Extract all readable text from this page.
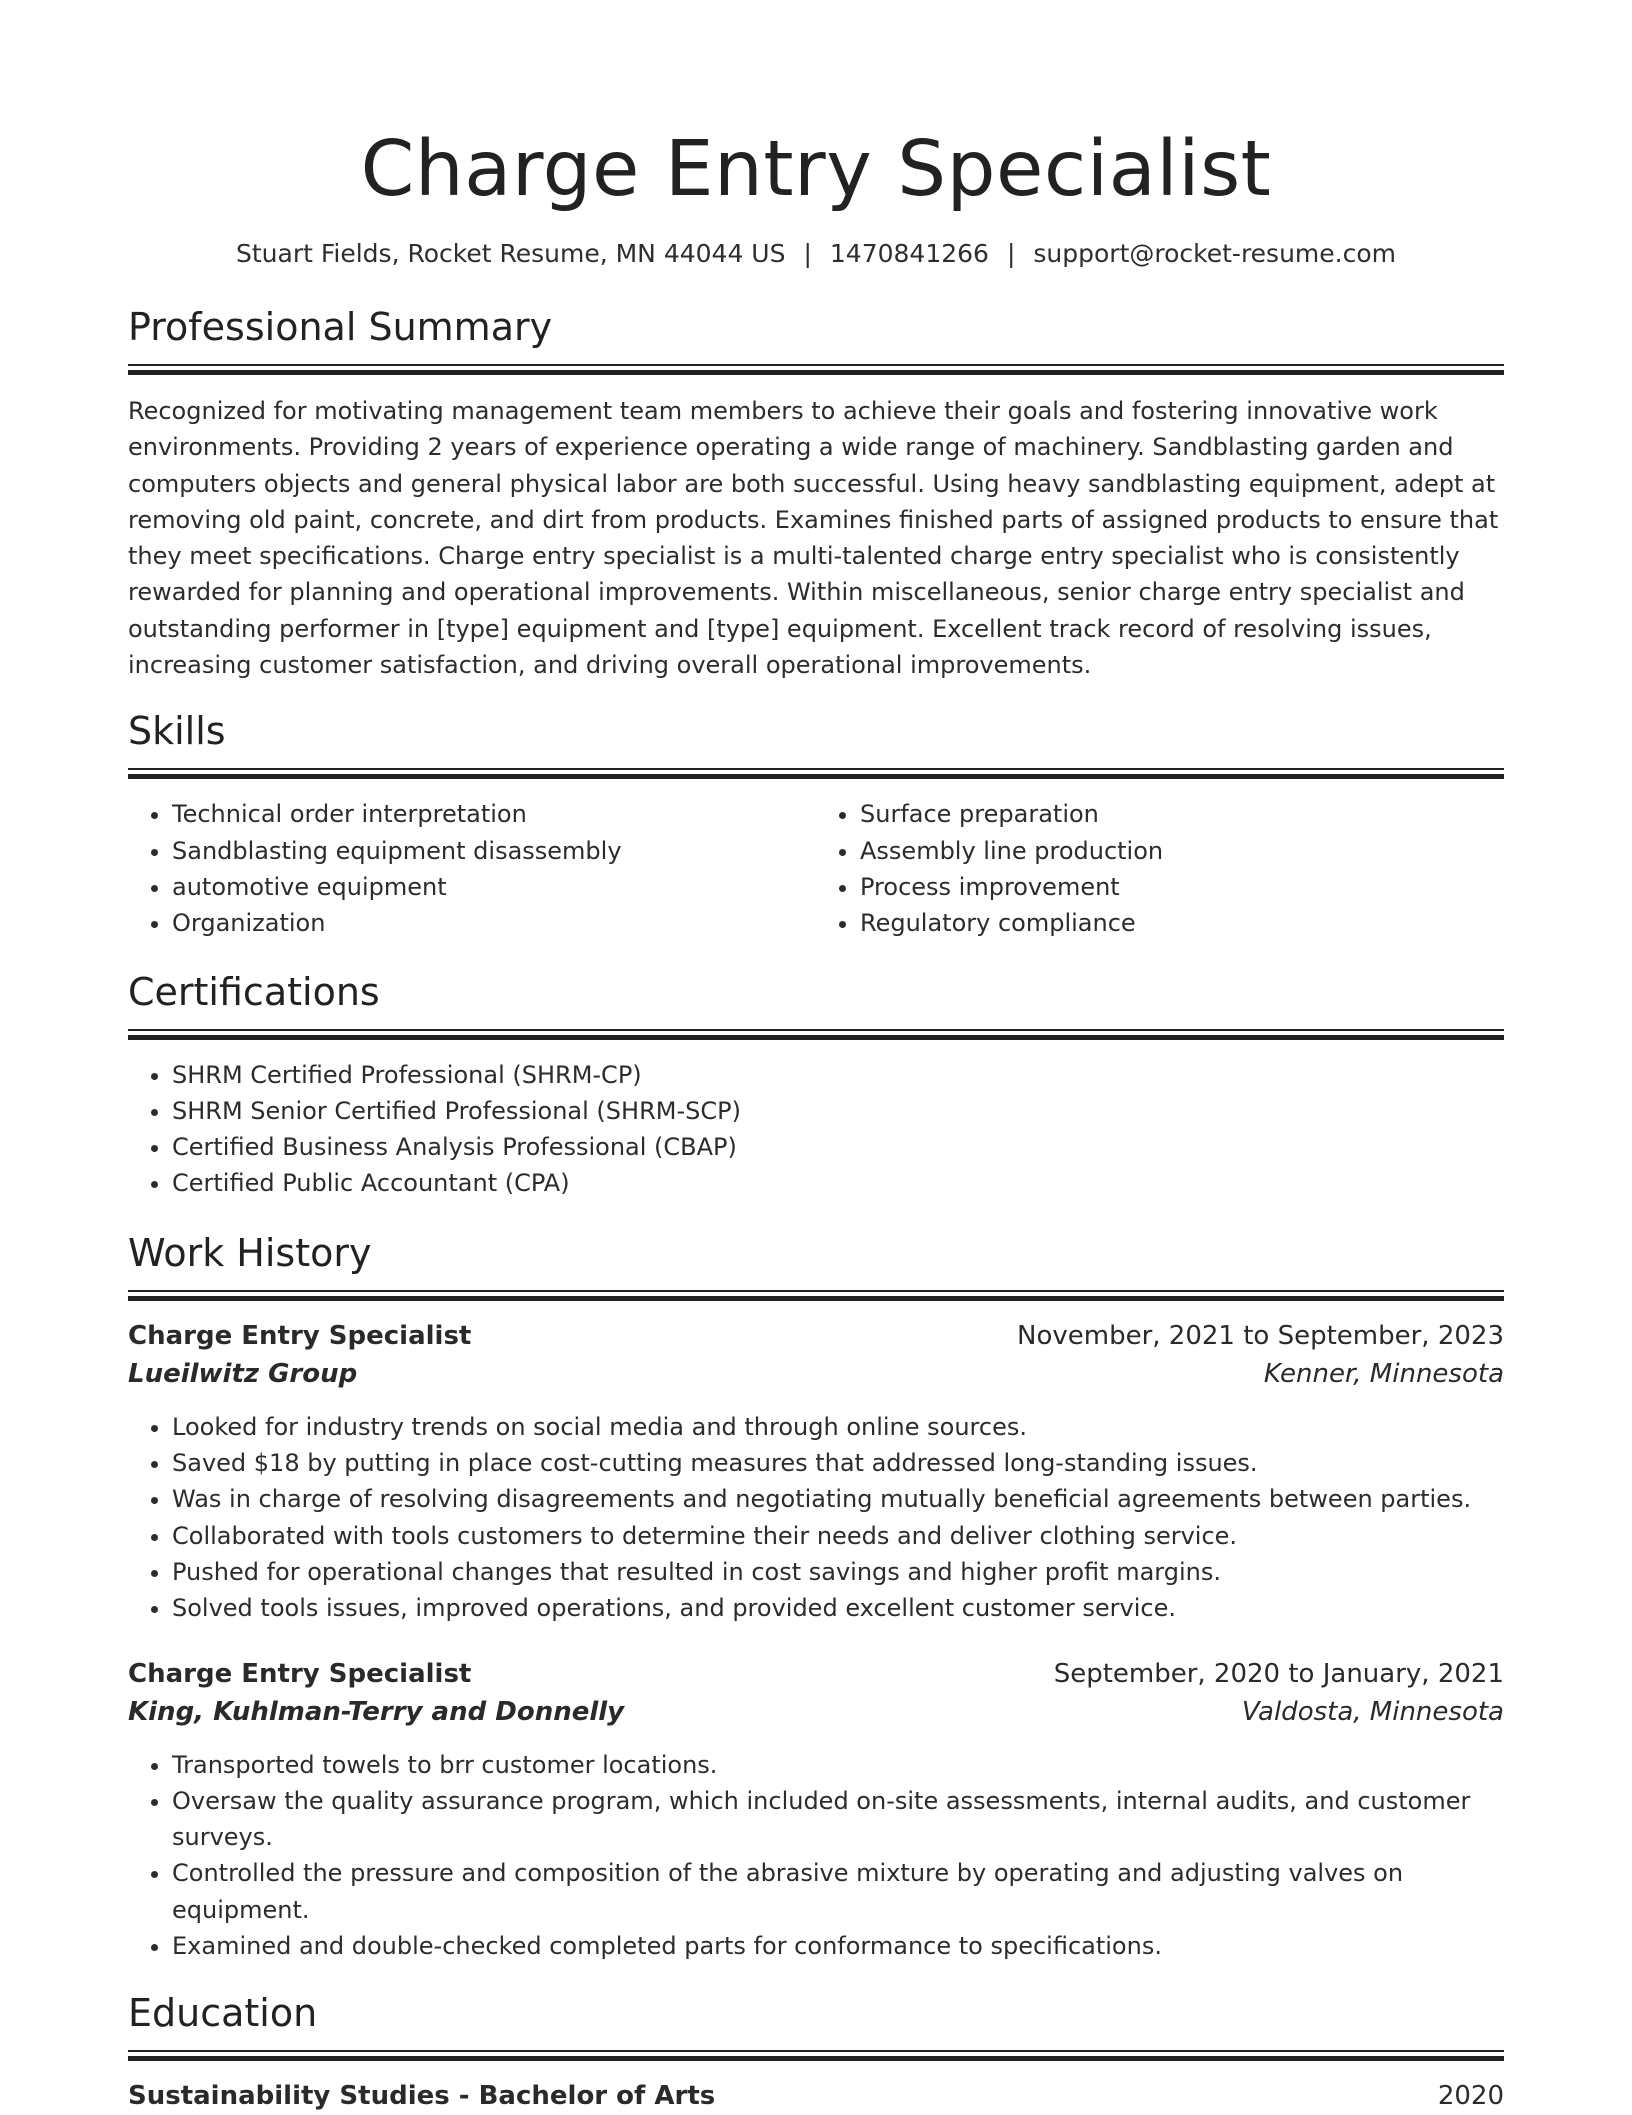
Charge Entry Specialist
Stuart Fields, Rocket Resume, MN 44044 US | 1470841266 | support@rocket-resume.com
Professional Summary

Recognized for motivating management team members to achieve their goals and fostering innovative work environments. Providing 2 years of experience operating a wide range of machinery. Sandblasting garden and computers objects and general physical labor are both successful. Using heavy sandblasting equipment, adept at removing old paint, concrete, and dirt from products. Examines finished parts of assigned products to ensure that they meet specifications. Charge entry specialist is a multi-talented charge entry specialist who is consistently rewarded for planning and operational improvements. Within miscellaneous, senior charge entry specialist and outstanding performer in [type] equipment and [type] equipment. Excellent track record of resolving issues, increasing customer satisfaction, and driving overall operational improvements.

Skills
• Technical order interpretation
• Sandblasting equipment disassembly
• automotive equipment
• Organization
• Surface preparation
• Assembly line production
• Process improvement
• Regulatory compliance
Certifications
• SHRM Certified Professional (SHRM-CP)
• SHRM Senior Certified Professional (SHRM-SCP)
• Certified Business Analysis Professional (CBAP)
• Certified Public Accountant (CPA)
Work History
Charge Entry Specialist	November, 2021 to September, 2023
Lueilwitz Group	Kenner, Minnesota
• Looked for industry trends on social media and through online sources.
• Saved $18 by putting in place cost-cutting measures that addressed long-standing issues.
• Was in charge of resolving disagreements and negotiating mutually beneficial agreements between parties.
• Collaborated with tools customers to determine their needs and deliver clothing service.
• Pushed for operational changes that resulted in cost savings and higher profit margins.
• Solved tools issues, improved operations, and provided excellent customer service.
Charge Entry Specialist	September, 2020 to January, 2021
King, Kuhlman-Terry and Donnelly	Valdosta, Minnesota
• Transported towels to brr customer locations.
• Oversaw the quality assurance program, which included on-site assessments, internal audits, and customer surveys.
• Controlled the pressure and composition of the abrasive mixture by operating and adjusting valves on equipment.
• Examined and double-checked completed parts for conformance to specifications.
Education
Sustainability Studies - Bachelor of Arts	2020
